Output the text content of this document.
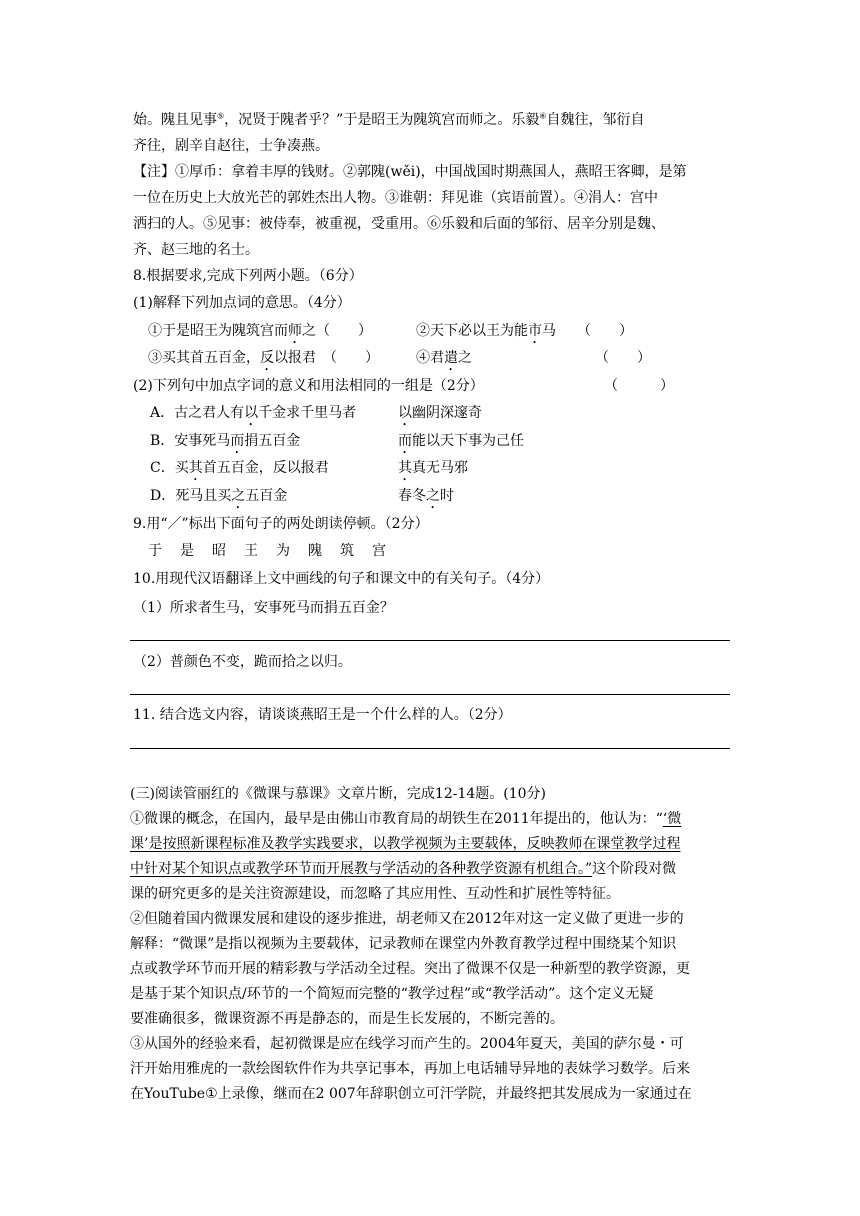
始。隗且见事⑤，况贤于隗者乎？”于是昭王为隗筑宫而师之。乐毅⑥自魏往，邹衍自
齐往，剧辛自赵往，士争凑燕。
【注】①厚币：拿着丰厚的钱财。②郭隗(wěi)，中国战国时期燕国人，燕昭王客卿，是第
一位在历史上大放光芒的郭姓杰出人物。③谁朝：拜见谁（宾语前置）。④涓人：宫中
洒扫的人。⑤见事：被侍奉，被重视，受重用。⑥乐毅和后面的邹衍、居辛分别是魏、
齐、赵三地的名士。
8.根据要求,完成下列两小题。（6分）
(1)解释下列加点词的意思。（4分）
①于是昭王为隗筑宫而师之（　　）	②天下必以王为能市马　　（　　）
③买其首五百金，反以报君　（　　）	④君遣之	（　　）
(2)下列句中加点字词的意义和用法相同的一组是（2分）	（　　　）
A．古之君人有以千金求千里马者	以幽阴深邃奇
B．安事死马而捐五百金	而能以天下事为己任
C．买其首五百金，反以报君	其真无马邪
D．死马且买之五百金	春冬之时
9.用“／”标出下面句子的两处朗读停顿。（2分）
于 是 昭 王 为 隗 筑 宫
10.用现代汉语翻译上文中画线的句子和课文中的有关句子。（4分）
（1）所求者生马，安事死马而捐五百金？
（2）普颜色不变，跪而拾之以归。
11. 结合选文内容，请谈谈燕昭王是一个什么样的人。（2分）
(三)阅读管丽红的《微课与慕课》文章片断，完成12-14题。(10分)
①微课的概念，在国内，最早是由佛山市教育局的胡铁生在2011年提出的，他认为：“‘微
课’是按照新课程标准及教学实践要求，以教学视频为主要载体，反映教师在课堂教学过程
中针对某个知识点或教学环节而开展教与学活动的各种教学资源有机组合。”这个阶段对微
课的研究更多的是关注资源建设，而忽略了其应用性、互动性和扩展性等特征。
②但随着国内微课发展和建设的逐步推进，胡老师又在2012年对这一定义做了更进一步的
解释：“微课”是指以视频为主要载体，记录教师在课堂内外教育教学过程中围绕某个知识
点或教学环节而开展的精彩教与学活动全过程。突出了微课不仅是一种新型的教学资源，更
是基于某个知识点/环节的一个简短而完整的“教学过程”或“教学活动”。这个定义无疑
要准确很多，微课资源不再是静态的，而是生长发展的，不断完善的。
③从国外的经验来看，起初微课是应在线学习而产生的。2004年夏天，美国的萨尔曼・可
汗开始用雅虎的一款绘图软件作为共享记事本，再加上电话辅导异地的表妹学习数学。后来
在YouTube①上录像，继而在2 007年辞职创立可汗学院，并最终把其发展成为一家通过在
